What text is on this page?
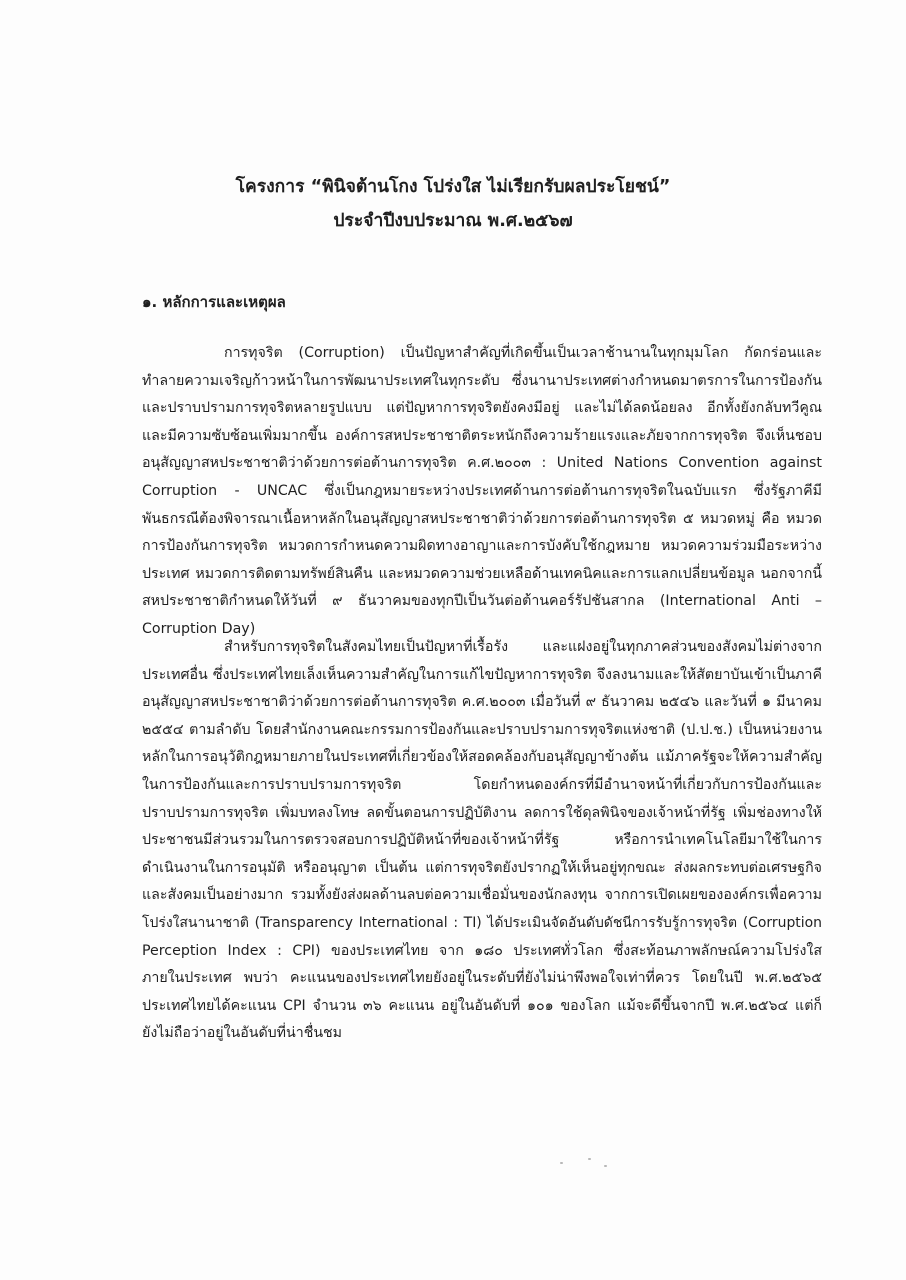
โครงการ “พินิจต้านโกง โปร่งใส ไม่เรียกรับผลประโยชน์”

ประจำปีงบประมาณ พ.ศ.๒๕๖๗

๑. หลักการและเหตุผล

การทุจริต (Corruption) เป็นปัญหาสำคัญที่เกิดขึ้นเป็นเวลาช้านานในทุกมุมโลก กัดกร่อนและ
ทำลายความเจริญก้าวหน้าในการพัฒนาประเทศในทุกระดับ ซึ่งนานาประเทศต่างกำหนดมาตรการในการป้องกัน
และปราบปรามการทุจริตหลายรูปแบบ แต่ปัญหาการทุจริตยังคงมีอยู่ และไม่ได้ลดน้อยลง อีกทั้งยังกลับทวีคูณ
และมีความซับซ้อนเพิ่มมากขึ้น องค์การสหประชาชาติตระหนักถึงความร้ายแรงและภัยจากการทุจริต จึงเห็นชอบ
อนุสัญญาสหประชาชาติว่าด้วยการต่อต้านการทุจริต ค.ศ.๒๐๐๓ : United Nations Convention against
Corruption - UNCAC ซึ่งเป็นกฎหมายระหว่างประเทศด้านการต่อต้านการทุจริตในฉบับแรก ซึ่งรัฐภาคีมี
พันธกรณีต้องพิจารณาเนื้อหาหลักในอนุสัญญาสหประชาชาติว่าด้วยการต่อต้านการทุจริต ๕ หมวดหมู่ คือ หมวด
การป้องกันการทุจริต หมวดการกำหนดความผิดทางอาญาและการบังคับใช้กฎหมาย หมวดความร่วมมือระหว่าง
ประเทศ หมวดการติดตามทรัพย์สินคืน และหมวดความช่วยเหลือด้านเทคนิคและการแลกเปลี่ยนข้อมูล นอกจากนี้
สหประชาชาติกำหนดให้วันที่ ๙ ธันวาคมของทุกปีเป็นวันต่อต้านคอร์รัปชันสากล (International Anti –
Corruption Day)
สำหรับการทุจริตในสังคมไทยเป็นปัญหาที่เรื้อรัง และแฝงอยู่ในทุกภาคส่วนของสังคมไม่ต่างจาก
ประเทศอื่น ซึ่งประเทศไทยเล็งเห็นความสำคัญในการแก้ไขปัญหาการทุจริต จึงลงนามและให้สัตยาบันเข้าเป็นภาคี
อนุสัญญาสหประชาชาติว่าด้วยการต่อต้านการทุจริต ค.ศ.๒๐๐๓ เมื่อวันที่ ๙ ธันวาคม ๒๕๔๖ และวันที่ ๑ มีนาคม
๒๕๕๔ ตามลำดับ โดยสำนักงานคณะกรรมการป้องกันและปราบปรามการทุจริตแห่งชาติ (ป.ป.ช.) เป็นหน่วยงาน
หลักในการอนุวัติกฎหมายภายในประเทศที่เกี่ยวข้องให้สอดคล้องกับอนุสัญญาข้างต้น แม้ภาครัฐจะให้ความสำคัญ
ในการป้องกันและการปราบปรามการทุจริต โดยกำหนดองค์กรที่มีอำนาจหน้าที่เกี่ยวกับการป้องกันและ
ปราบปรามการทุจริต เพิ่มบทลงโทษ ลดขั้นตอนการปฏิบัติงาน ลดการใช้ดุลพินิจของเจ้าหน้าที่รัฐ เพิ่มช่องทางให้
ประชาชนมีส่วนรวมในการตรวจสอบการปฏิบัติหน้าที่ของเจ้าหน้าที่รัฐ หรือการนำเทคโนโลยีมาใช้ในการ
ดำเนินงานในการอนุมัติ หรืออนุญาต เป็นต้น แต่การทุจริตยังปรากฏให้เห็นอยู่ทุกขณะ ส่งผลกระทบต่อเศรษฐกิจ
และสังคมเป็นอย่างมาก รวมทั้งยังส่งผลด้านลบต่อความเชื่อมั่นของนักลงทุน จากการเปิดเผยขององค์กรเพื่อความ
โปร่งใสนานาชาติ (Transparency International : TI) ได้ประเมินจัดอันดับดัชนีการรับรู้การทุจริต (Corruption
Perception Index : CPI) ของประเทศไทย จาก ๑๘๐ ประเทศทั่วโลก ซึ่งสะท้อนภาพลักษณ์ความโปร่งใส
ภายในประเทศ พบว่า คะแนนของประเทศไทยยังอยู่ในระดับที่ยังไม่น่าพึงพอใจเท่าที่ควร โดยในปี พ.ศ.๒๕๖๕
ประเทศไทยได้คะแนน CPI จำนวน ๓๖ คะแนน อยู่ในอันดับที่ ๑๐๑ ของโลก แม้จะดีขึ้นจากปี พ.ศ.๒๕๖๔ แต่ก็
ยังไม่ถือว่าอยู่ในอันดับที่น่าชื่นชม
